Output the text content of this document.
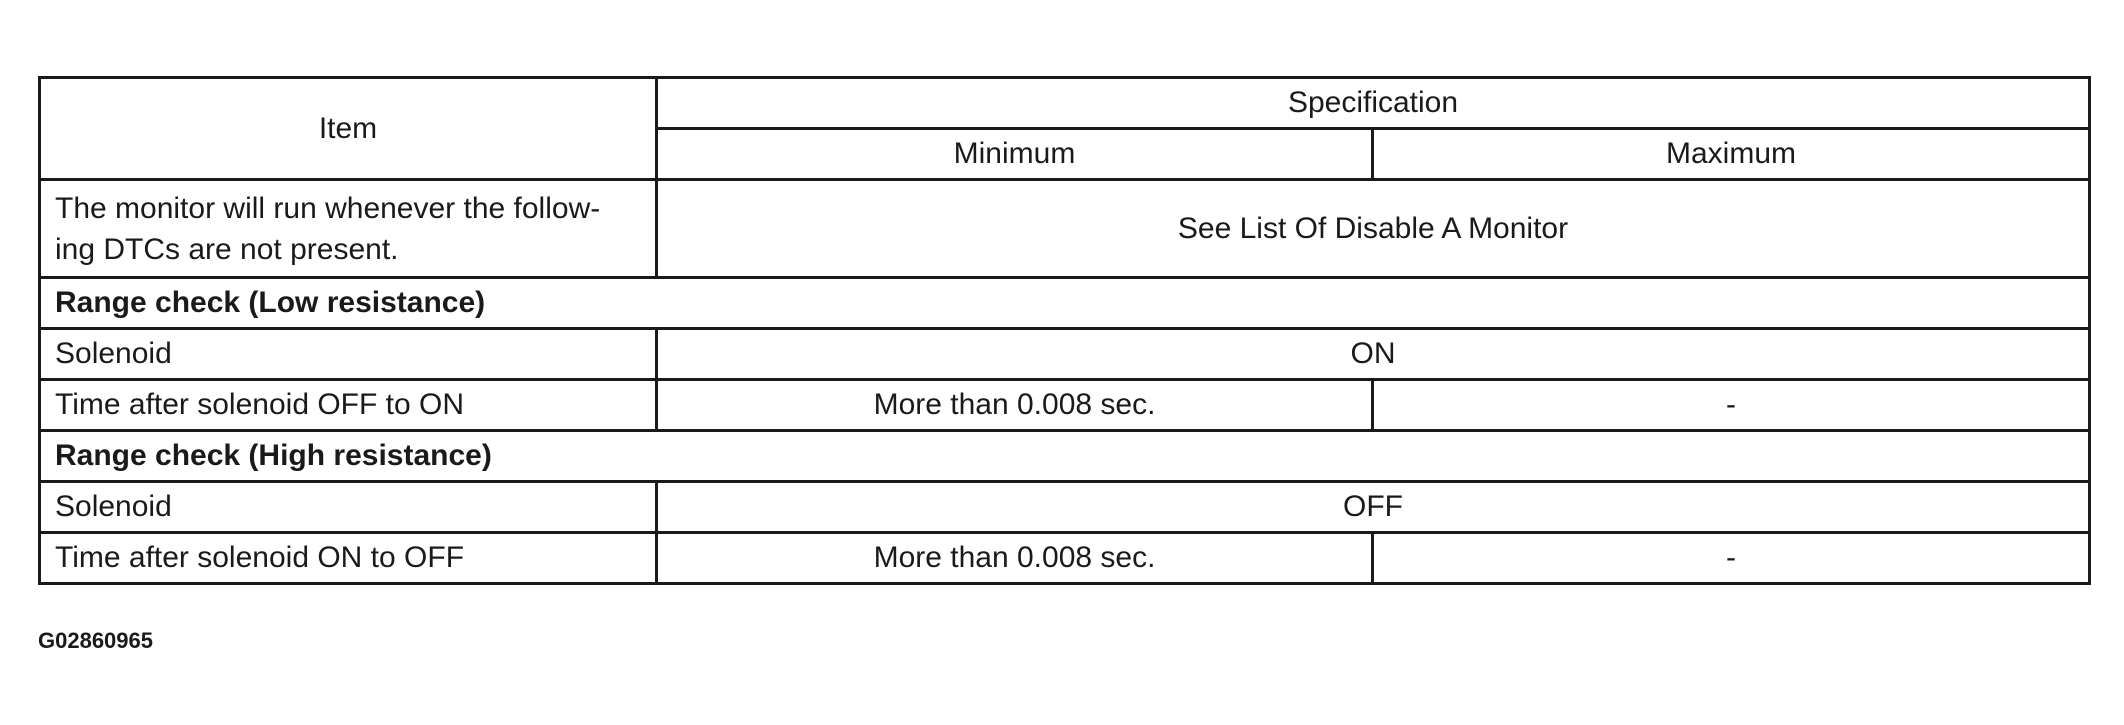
Item	Specification	
	Minimum	Maximum
The monitor will run whenever the follow-
ing DTCs are not present.	See List Of Disable A Monitor	
Range check (Low resistance)		
Solenoid	ON	
Time after solenoid OFF to ON	More than 0.008 sec.	-
Range check (High resistance)		
Solenoid	OFF	
Time after solenoid ON to OFF	More than 0.008 sec.	-
G02860965
